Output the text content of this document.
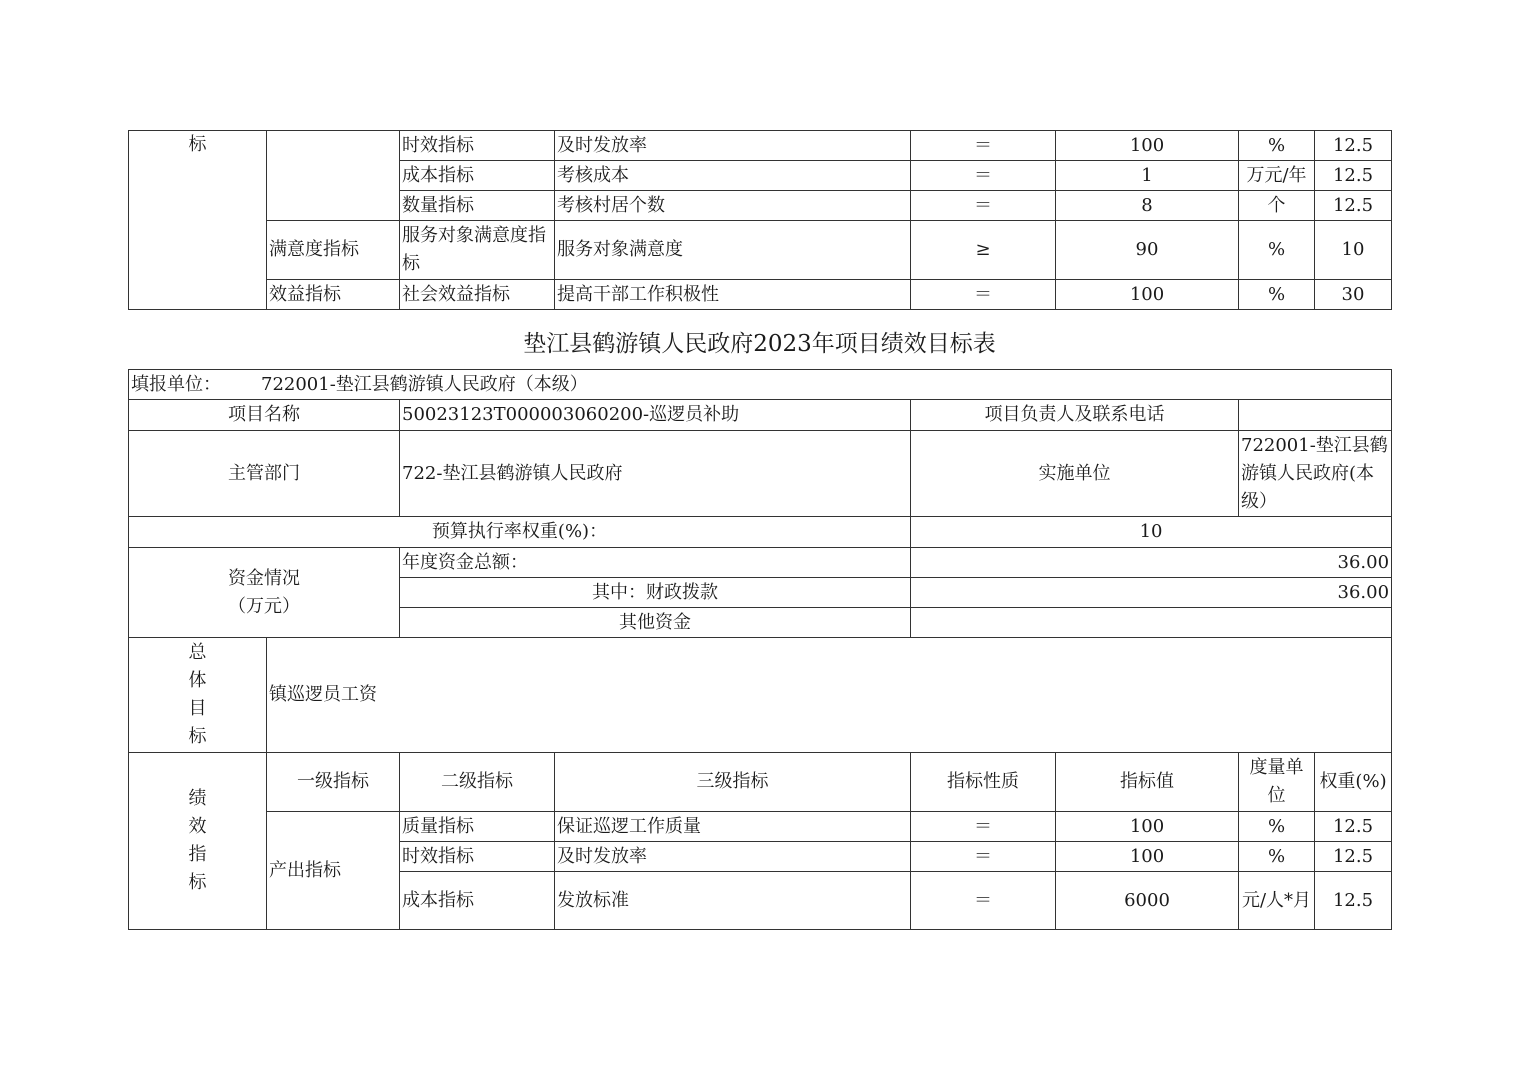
标		时效指标	及时发放率	＝	100	%	12.5
		成本指标	考核成本	＝	1	万元/年	12.5
		数量指标	考核村居个数	＝	8	个	12.5
	满意度指标	服务对象满意度指标	服务对象满意度	≥	90	%	10
	效益指标	社会效益指标	提高干部工作积极性	＝	100	%	30
垫江县鹤游镇人民政府2023年项目绩效目标表
填报单位： 722001-垫江县鹤游镇人民政府（本级）							
项目名称		50023123T000003060200-巡逻员补助		项目负责人及联系电话			
主管部门		722-垫江县鹤游镇人民政府		实施单位		722001-垫江县鹤游镇人民政府(本级）	
预算执行率权重(%)：				10			

资金情况
（万元）		年度资金总额：		36.00			
		其中：财政拨款		36.00			
		其他资金					

总
体
目
标	镇巡逻员工资						

绩
效
指
标	一级指标	二级指标	三级指标	指标性质	指标值	度量单位	权重(%)
	产出指标	质量指标	保证巡逻工作质量	＝	100	%	12.5
		时效指标	及时发放率	＝	100	%	12.5
		成本指标	发放标准	＝	6000	元/人*月	12.5
